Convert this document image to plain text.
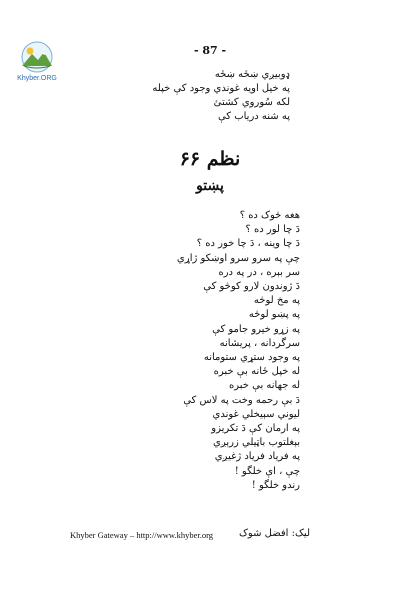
Khyber.ORG
- 87 -
ډوبيږي ښځه ښځه
په خيل اويه غوندي وجود کې خپله
لکه سُوروي کشتئ
په شنه درياب کې
نظم ۶۶
پښتو
هغه څوک ده ؟
دَ چا لور ده ؟
دَ چا وينه ، دَ چا خور ده ؟
چې په سرو سرو اوښکو ژاړي
سر بېره ، در په دره
دَ ژوندون لارو کوڅو کې
په مخ لوڅه
په پښو لوڅه
په زړو خيرو جامو کې
سرگردانه ، پريشانه
په وجود ستړي ستومانه
له خپل ځانه بې خبره
له جهانه بې خبره
دَ بې رحمه وخت په لاس کې
ليوني سېيخلي غوندي
په ارمان کې دَ تکريزو
بېغلتوب باټيلي زرېږي
په فرياد فرياد ژغيږي
چې ، اې خلگو !
رندو خلگو !
Khyber Gateway – http://www.khyber.org	ليک: افضل شوک
